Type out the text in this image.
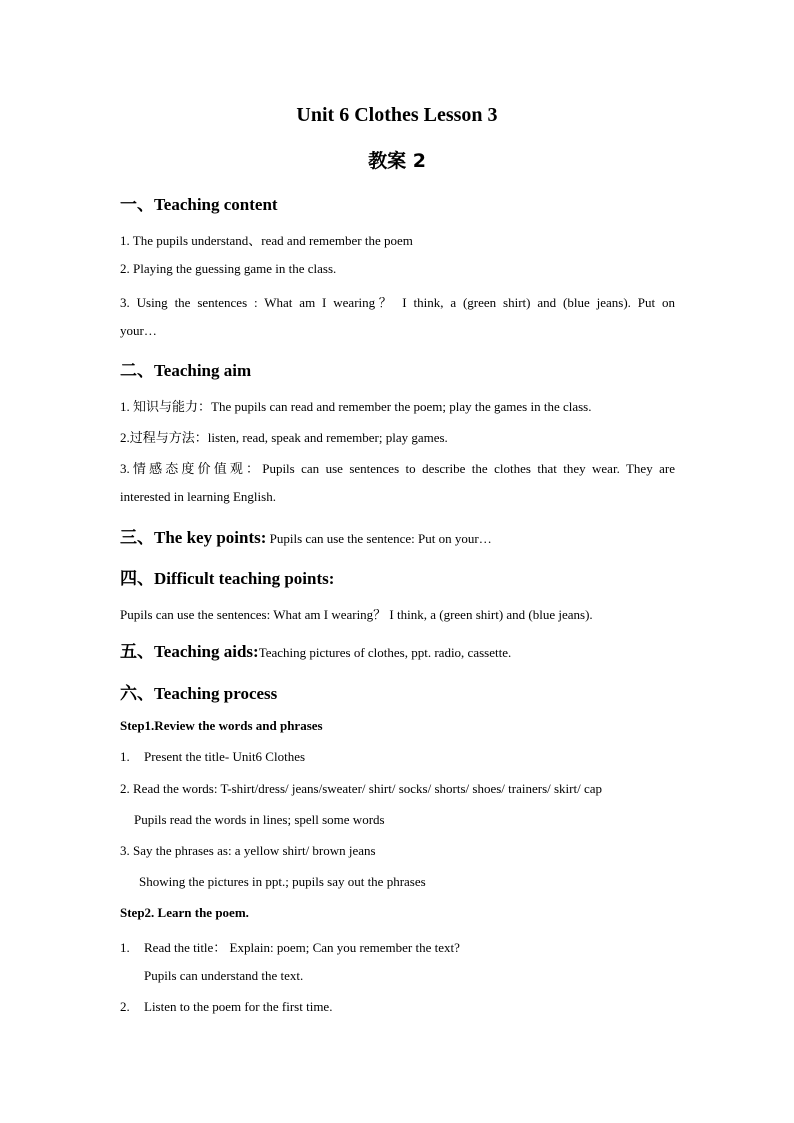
Unit 6 Clothes Lesson 3
教案 2
一、Teaching content
1. The pupils understand、read and remember the poem
2. Playing the guessing game in the class.
3. Using the sentences : What am I wearing？ I think, a (green shirt) and (blue jeans). Put on
your…
二、Teaching aim
1. 知识与能力：The pupils can read and remember the poem; play the games in the class.
2.过程与方法：listen, read, speak and remember; play games.
3.情感态度价值观：Pupils can use sentences to describe the clothes that they wear. They are
interested in learning English.
三、The key points: Pupils can use the sentence: Put on your…
四、Difficult teaching points:
Pupils can use the sentences: What am I wearing？ I think, a (green shirt) and (blue jeans).
五、Teaching aids:Teaching pictures of clothes, ppt. radio, cassette.
六、Teaching process
Step1.Review the words and phrases
1. Present the title- Unit6 Clothes
2. Read the words: T-shirt/dress/ jeans/sweater/ shirt/ socks/ shorts/ shoes/ trainers/ skirt/ cap
Pupils read the words in lines; spell some words
3. Say the phrases as: a yellow shirt/ brown jeans
Showing the pictures in ppt.; pupils say out the phrases
Step2. Learn the poem.
1. Read the title： Explain: poem; Can you remember the text?
Pupils can understand the text.
2. Listen to the poem for the first time.
